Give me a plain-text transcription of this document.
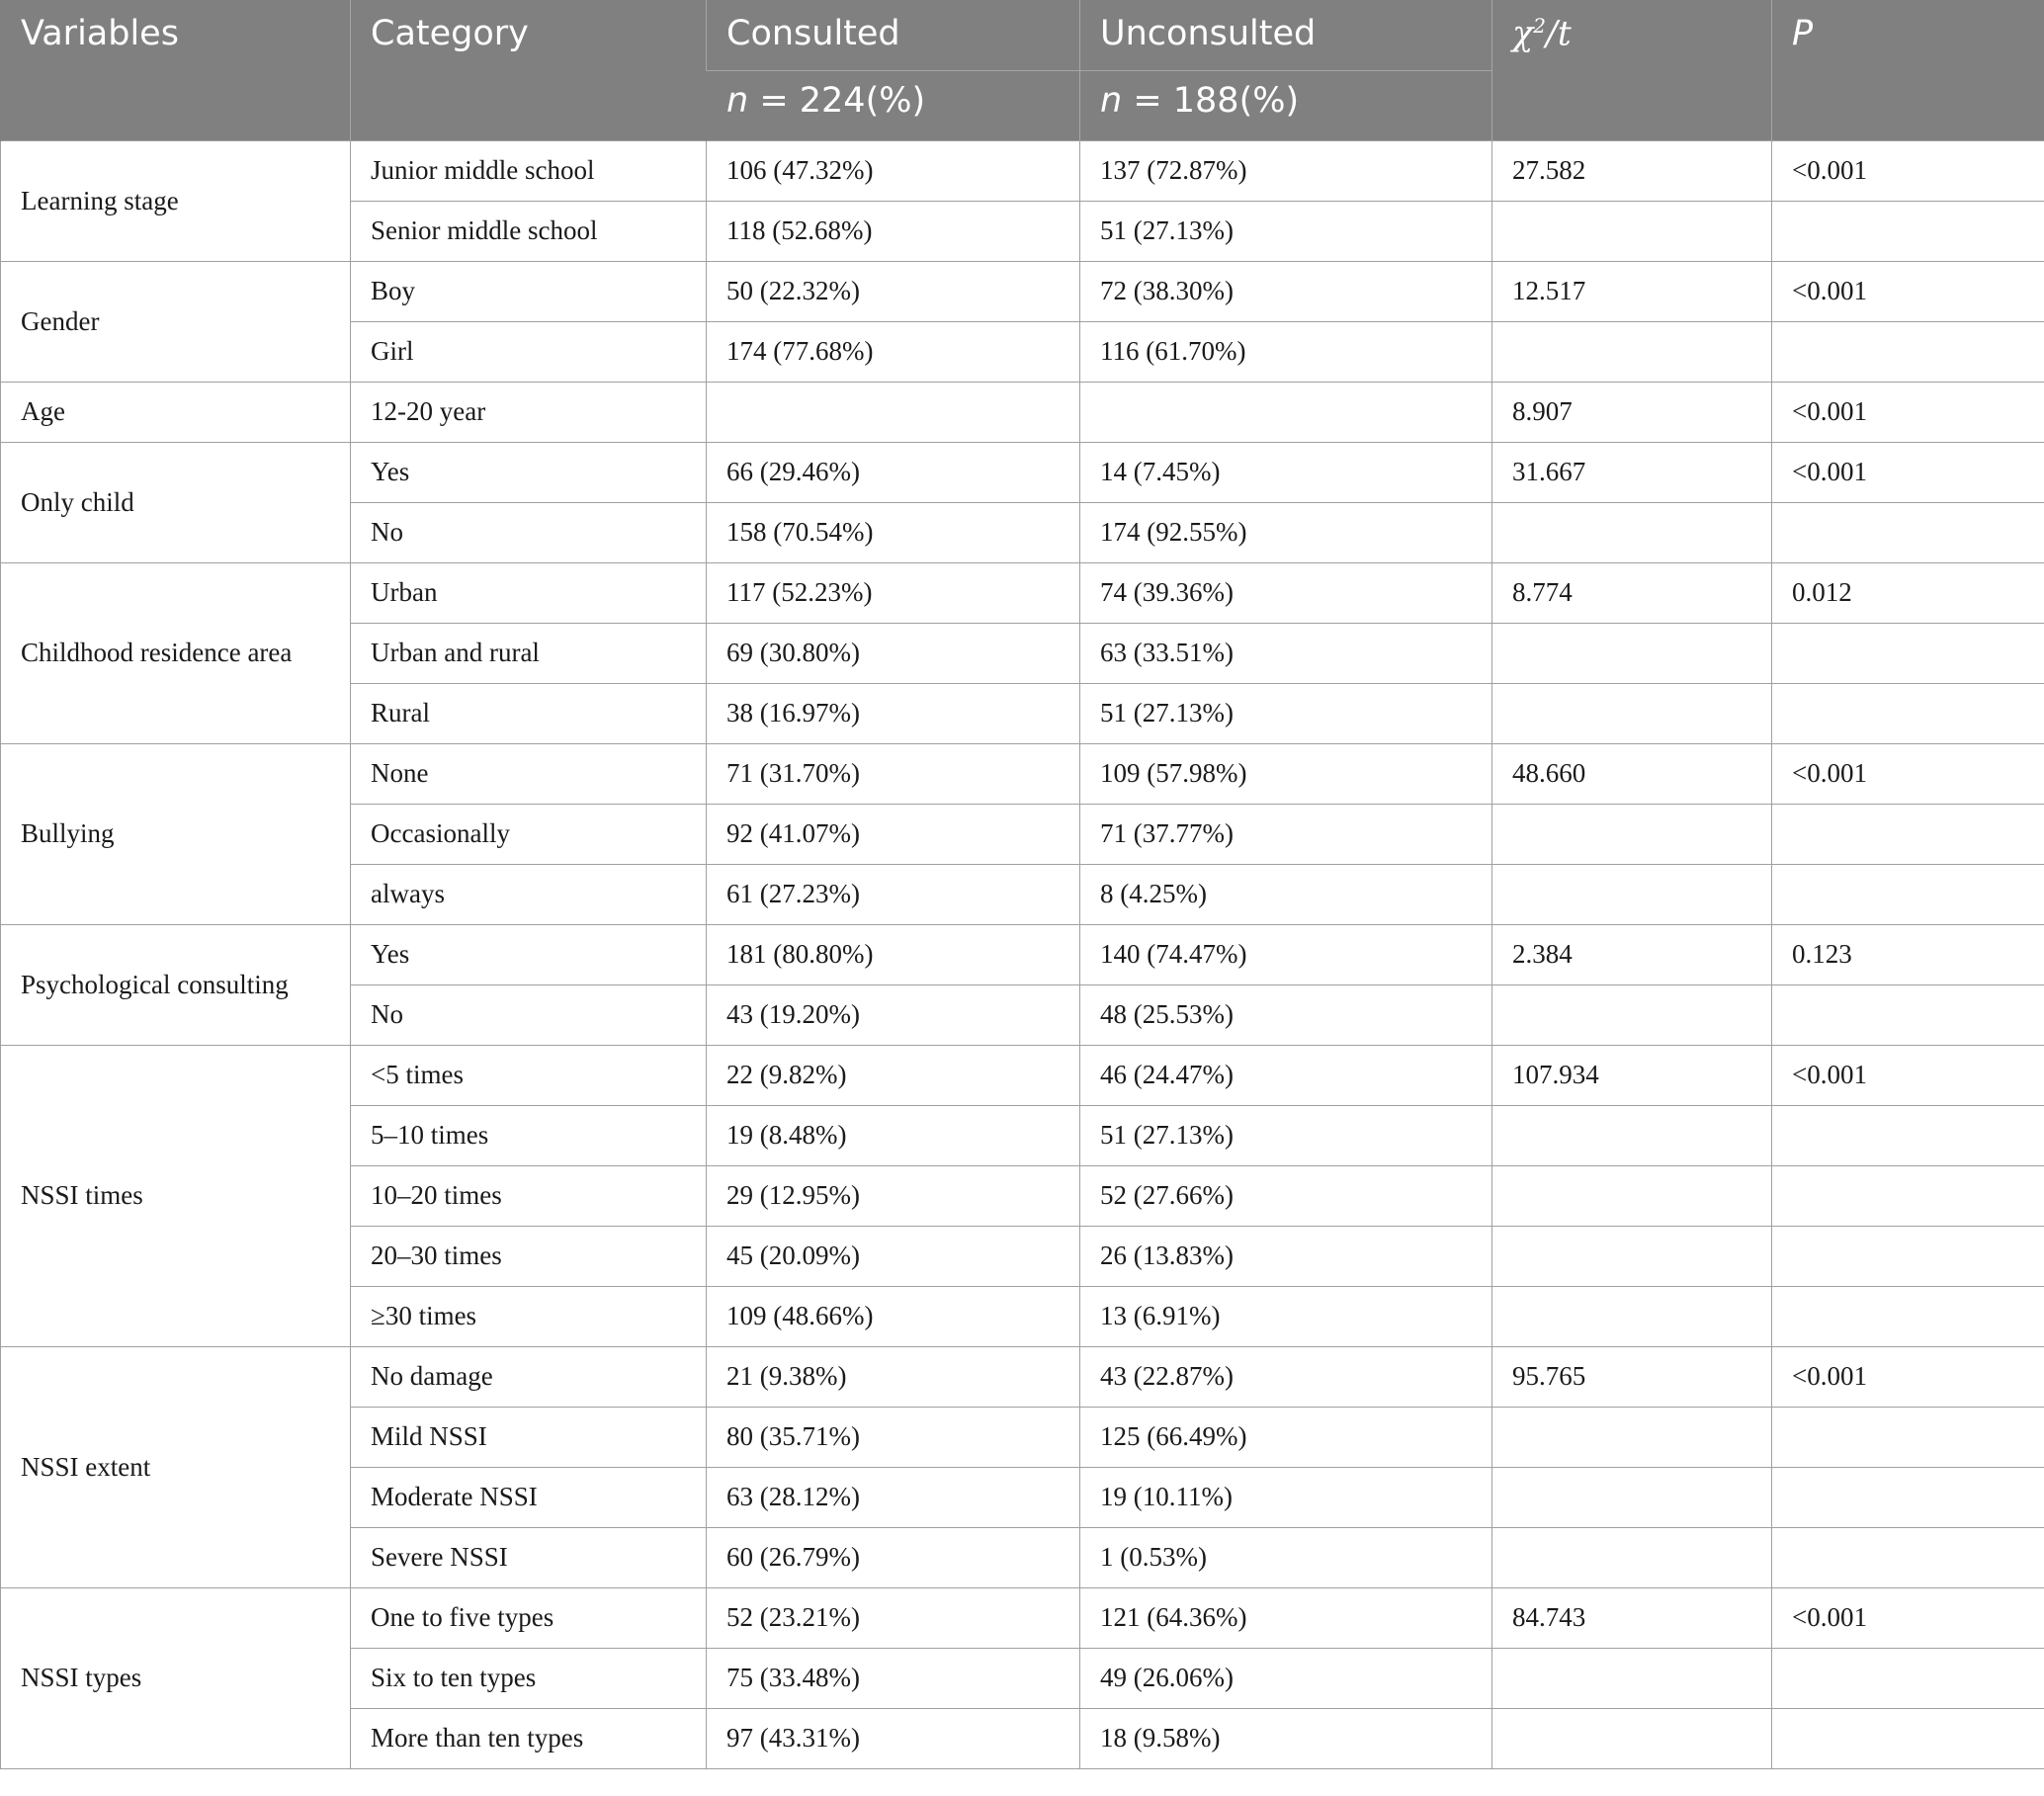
Variables	Category	Consulted	Unconsulted	$\chi^2/t$	P
		n = 224(%)	n = 188(%)		
Learning stage	Junior middle school	106 (47.32%)	137 (72.87%)	27.582	<0.001
	Senior middle school	118 (52.68%)	51 (27.13%)		
Gender	Boy	50 (22.32%)	72 (38.30%)	12.517	<0.001
	Girl	174 (77.68%)	116 (61.70%)		
Age	12-20 year			8.907	<0.001
Only child	Yes	66 (29.46%)	14 (7.45%)	31.667	<0.001
	No	158 (70.54%)	174 (92.55%)		
Childhood residence area	Urban	117 (52.23%)	74 (39.36%)	8.774	0.012
	Urban and rural	69 (30.80%)	63 (33.51%)		
	Rural	38 (16.97%)	51 (27.13%)		
Bullying	None	71 (31.70%)	109 (57.98%)	48.660	<0.001
	Occasionally	92 (41.07%)	71 (37.77%)		
	always	61 (27.23%)	8 (4.25%)		
Psychological consulting	Yes	181 (80.80%)	140 (74.47%)	2.384	0.123
	No	43 (19.20%)	48 (25.53%)		
NSSI times	<5 times	22 (9.82%)	46 (24.47%)	107.934	<0.001
	5–10 times	19 (8.48%)	51 (27.13%)		
	10–20 times	29 (12.95%)	52 (27.66%)		
	20–30 times	45 (20.09%)	26 (13.83%)		
	≥30 times	109 (48.66%)	13 (6.91%)		
NSSI extent	No damage	21 (9.38%)	43 (22.87%)	95.765	<0.001
	Mild NSSI	80 (35.71%)	125 (66.49%)		
	Moderate NSSI	63 (28.12%)	19 (10.11%)		
	Severe NSSI	60 (26.79%)	1 (0.53%)		
NSSI types	One to five types	52 (23.21%)	121 (64.36%)	84.743	<0.001
	Six to ten types	75 (33.48%)	49 (26.06%)		
	More than ten types	97 (43.31%)	18 (9.58%)		
